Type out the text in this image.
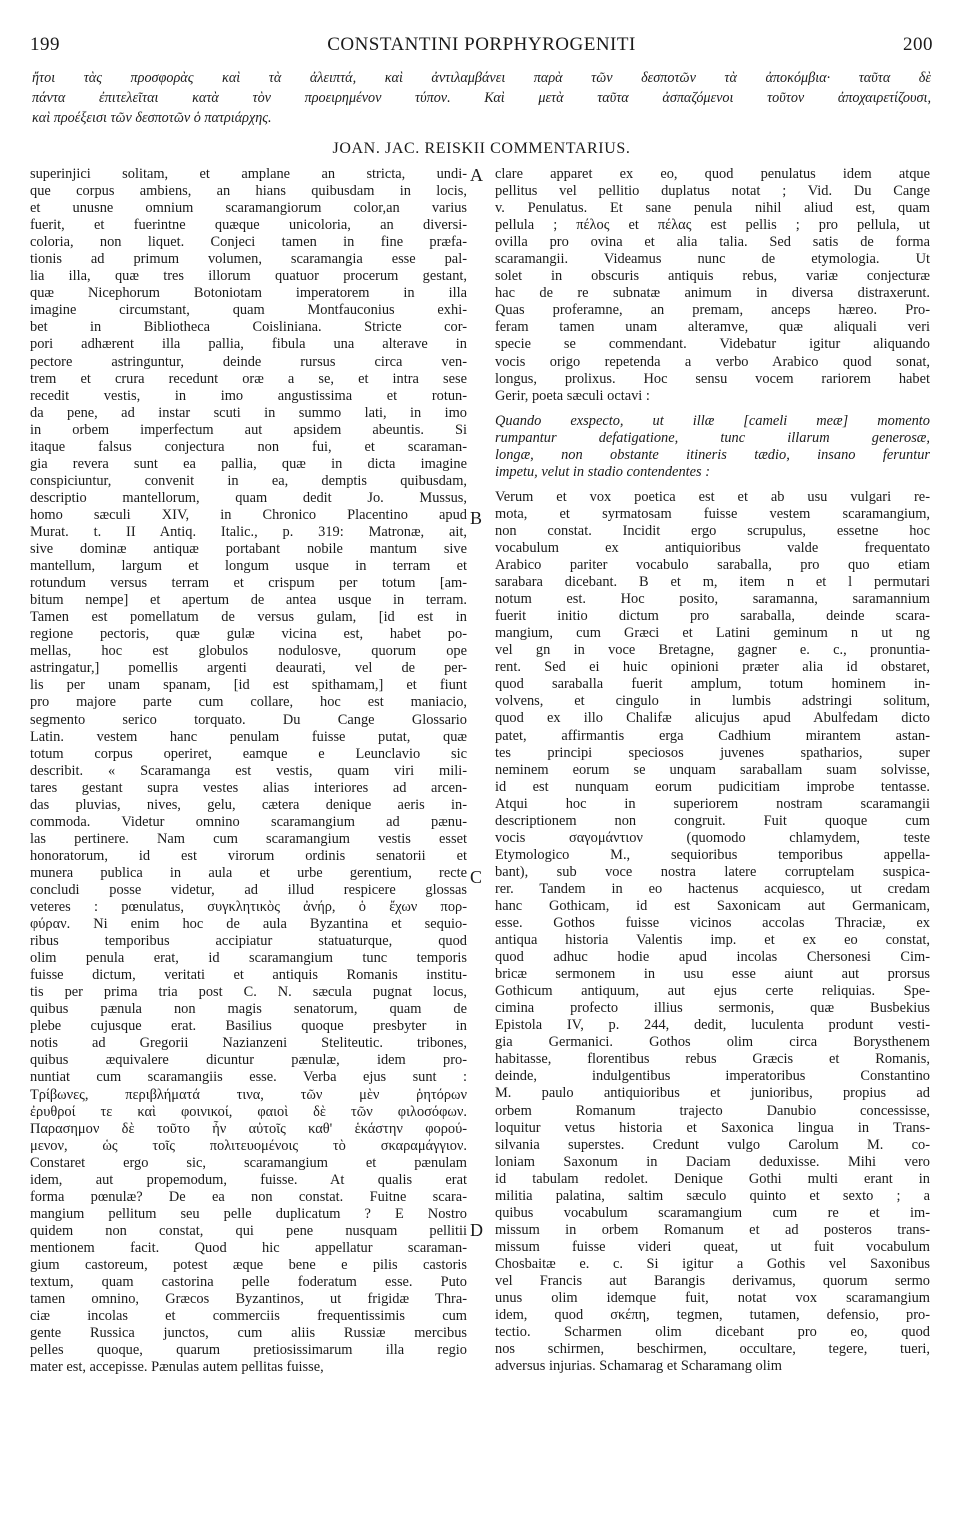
199	CONSTANTINI PORPHYROGENITI	200
ἤτοι τὰς προσφορὰς καὶ τὰ ἀλειπτά, καὶ ἀντιλαμβάνει παρὰ τῶν δεσποτῶν τὰ ἀποκόμβια· ταῦτα δὲ
πάντα ἐπιτελεῖται κατὰ τὸν προειρημένον τύπον. Καὶ μετὰ ταῦτα ἀσπαζόμενοι τοῦτον ἀποχαιρετίζουσι,
καὶ προέξεισι τῶν δεσποτῶν ὁ πατριάρχης.
JOAN. JAC. REISKII COMMENTARIUS.
superinjici solitam, et amplane an stricta, undi-
que corpus ambiens, an hians quibusdam in locis,
et unusne omnium scaramangiorum color,an varius
fuerit, et fuerintne quæque unicoloria, an diversi-
coloria, non liquet. Conjeci tamen in fine præfa-
tionis ad primum volumen, scaramangia esse pal-
lia illa, quæ tres illorum quatuor procerum gestant,
quæ Nicephorum Botoniotam imperatorem in illa
imagine circumstant, quam Montfauconius exhi-
bet in Bibliotheca Coisliniana. Stricte cor-
pori adhærent illa pallia, fibula una alterave in
pectore astringuntur, deinde rursus circa ven-
trem et crura recedunt oræ a se, et intra sese
recedit vestis, in imo angustissima et rotun-
da pene, ad instar scuti in summo lati, in imo
in orbem imperfectum aut apsidem abeuntis. Si
itaque falsus conjectura non fui, et scaraman-
gia revera sunt ea pallia, quæ in dicta imagine
conspiciuntur, convenit in ea, demptis quibusdam,
descriptio mantellorum, quam dedit Jo. Mussus,
homo sæculi XIV, in Chronico Placentino apud
Murat. t. II Antiq. Italic., p. 319: Matronæ, ait,
sive dominæ antiquæ portabant nobile mantum sive
mantellum, largum et longum usque in terram et
rotundum versus terram et crispum per totum [am-
bitum nempe] et apertum de antea usque in terram.
Tamen est pomellatum de versus gulam, [id est in
regione pectoris, quæ gulæ vicina est, habet po-
mellas, hoc est globulos nodulosve, quorum ope
astringatur,] pomellis argenti deaurati, vel de per-
lis per unam spanam, [id est spithamam,] et fiunt
pro majore parte cum collare, hoc est maniacio,
segmento serico torquato. Du Cange Glossario
Latin. vestem hanc penulam fuisse putat, quæ
totum corpus operiret, eamque e Leunclavio sic
describit. « Scaramanga est vestis, quam viri mili-
tares gestant supra vestes alias interiores ad arcen-
das pluvias, nives, gelu, cætera denique aeris in-
commoda. Videtur omnino scaramangium ad pænu-
las pertinere. Nam cum scaramangium vestis esset
honoratorum, id est virorum ordinis senatorii et
munera publica in aula et urbe gerentium, recte
concludi posse videtur, ad illud respicere glossas
veteres : pœnulatus, συγκλητικὸς ἀνήρ, ὁ ἔχων πορ-
φύραν. Ni enim hoc de aula Byzantina et sequio-
ribus temporibus accipiatur statuaturque, quod
olim penula erat, id scaramangium tunc temporis
fuisse dictum, veritati et antiquis Romanis institu-
tis per prima tria post C. N. sæcula pugnat locus,
quibus pænula non magis senatorum, quam de
plebe cujusque erat. Basilius quoque presbyter in
notis ad Gregorii Nazianzeni Steliteutic. tribones,
quibus æquivalere dicuntur pænulæ, idem pro-
nuntiat cum scaramangiis esse. Verba ejus sunt :
Τρίβωνες, περιβλήματά τινα, τῶν μὲν ῥητόρων
ἐρυθροί τε καὶ φοινικοί, φαιοὶ δὲ τῶν φιλοσόφων.
Παρασημον δὲ τοῦτο ἦν αὐτοῖς καθ' ἑκάστην φορού-
μενον, ὡς τοῖς πολιτευομένοις τὸ σκαραμάγγιον.
Constaret ergo sic, scaramangium et pænulam
idem, aut propemodum, fuisse. At qualis erat
forma pœnulæ? De ea non constat. Fuitne scara-
mangium pellitum seu pelle duplicatum ? E Nostro
quidem non constat, qui pene nusquam pellitii
mentionem facit. Quod hic appellatur scaraman-
gium castoreum, potest æque bene e pilis castoris
textum, quam castorina pelle foderatum esse. Puto
tamen omnino, Græcos Byzantinos, ut frigidæ Thra-
ciæ incolas et commerciis frequentissimis cum
gente Russica junctos, cum aliis Russiæ mercibus
pelles quoque, quarum pretiosissimarum illa regio
mater est, accepisse. Pænulas autem pellitas fuisse,
clare apparet ex eo, quod penulatus idem atque
pellitus vel pellitio duplatus notat ; Vid. Du Cange
v. Penulatus. Et sane penula nihil aliud est, quam
pellula ; πέλος et πέλας est pellis ; pro pellula, ut
ovilla pro ovina et alia talia. Sed satis de forma
scaramangii. Videamus nunc de etymologia. Ut
solet in obscuris antiquis rebus, variæ conjecturæ
hac de re subnatæ animum in diversa distraxerunt.
Quas proferamne, an premam, anceps hæreo. Pro-
feram tamen unam alteramve, quæ aliquali veri
specie se commendant. Videbatur igitur aliquando
vocis origo repetenda a verbo Arabico quod sonat,
longus, prolixus. Hoc sensu vocem rariorem habet
Gerir, poeta sæculi octavi :
Quando exspecto, ut illæ [cameli meæ] momento
rumpantur defatigatione, tunc illarum generosæ,
longæ, non obstante itineris tædio, insano feruntur
impetu, velut in stadio contendentes :
Verum et vox poetica est et ab usu vulgari re-
mota, et syrmatosam fuisse vestem scaramangium,
non constat. Incidit ergo scrupulus, essetne hoc
vocabulum ex antiquioribus valde frequentato
Arabico pariter vocabulo saraballa, pro quo etiam
sarabara dicebant. B et m, item n et l permutari
notum est. Hoc posito, saramanna, saramannium
fuerit initio dictum pro saraballa, deinde scara-
mangium, cum Græci et Latini geminum n ut ng
vel gn in voce Bretagne, gagner e. c., pronuntia-
rent. Sed ei huic opinioni præter alia id obstaret,
quod saraballa fuerit amplum, totum hominem in-
volvens, et cingulo in lumbis adstringi solitum,
quod ex illo Chalifæ alicujus apud Abulfedam dicto
patet, affirmantis erga Cadhium mirantem astan-
tes principi speciosos juvenes spatharios, super
neminem eorum se unquam saraballam suam solvisse,
id est nunquam eorum pudicitiam improbe tentasse.
Atqui hoc in superiorem nostram scaramangii
descriptionem non congruit. Fuit quoque cum
vocis σαγομάντιον (quomodo chlamydem, teste
Etymologico M., sequioribus temporibus appella-
bant), sub voce nostra latere corruptelam suspica-
rer. Tandem in eo hactenus acquiesco, ut credam
hanc Gothicam, id est Saxonicam aut Germanicam,
esse. Gothos fuisse vicinos accolas Thraciæ, ex
antiqua historia Valentis imp. et ex eo constat,
quod adhuc hodie apud incolas Chersonesi Cim-
bricæ sermonem in usu esse aiunt aut prorsus
Gothicum antiquum, aut ejus certe reliquias. Spe-
cimina profecto illius sermonis, quæ Busbekius
Epistola IV, p. 244, dedit, luculenta produnt vesti-
gia Germanici. Gothos olim circa Borysthenem
habitasse, florentibus rebus Græcis et Romanis,
deinde, indulgentibus imperatoribus Constantino
M. paulo antiquioribus et junioribus, propius ad
orbem Romanum trajecto Danubio concessisse,
loquitur vetus historia et Saxonica lingua in Trans-
silvania superstes. Credunt vulgo Carolum M. co-
loniam Saxonum in Daciam deduxisse. Mihi vero
id tabulam redolet. Denique Gothi multi erant in
militia palatina, saltim sæculo quinto et sexto ; a
quibus vocabulum scaramangium cum re et im-
missum in orbem Romanum et ad posteros trans-
missum fuisse videri queat, ut fuit vocabulum
Chosbaitæ e. c. Si igitur a Gothis vel Saxonibus
vel Francis aut Barangis derivamus, quorum sermo
unus olim idemque fuit, notat vox scaramangium
idem, quod σκέπη, tegmen, tutamen, defensio, pro-
tectio. Scharmen olim dicebant pro eo, quod
nos schirmen, beschirmen, occultare, tegere, tueri,
adversus injurias. Schamarag et Scharamang olim
A
B
C
D
